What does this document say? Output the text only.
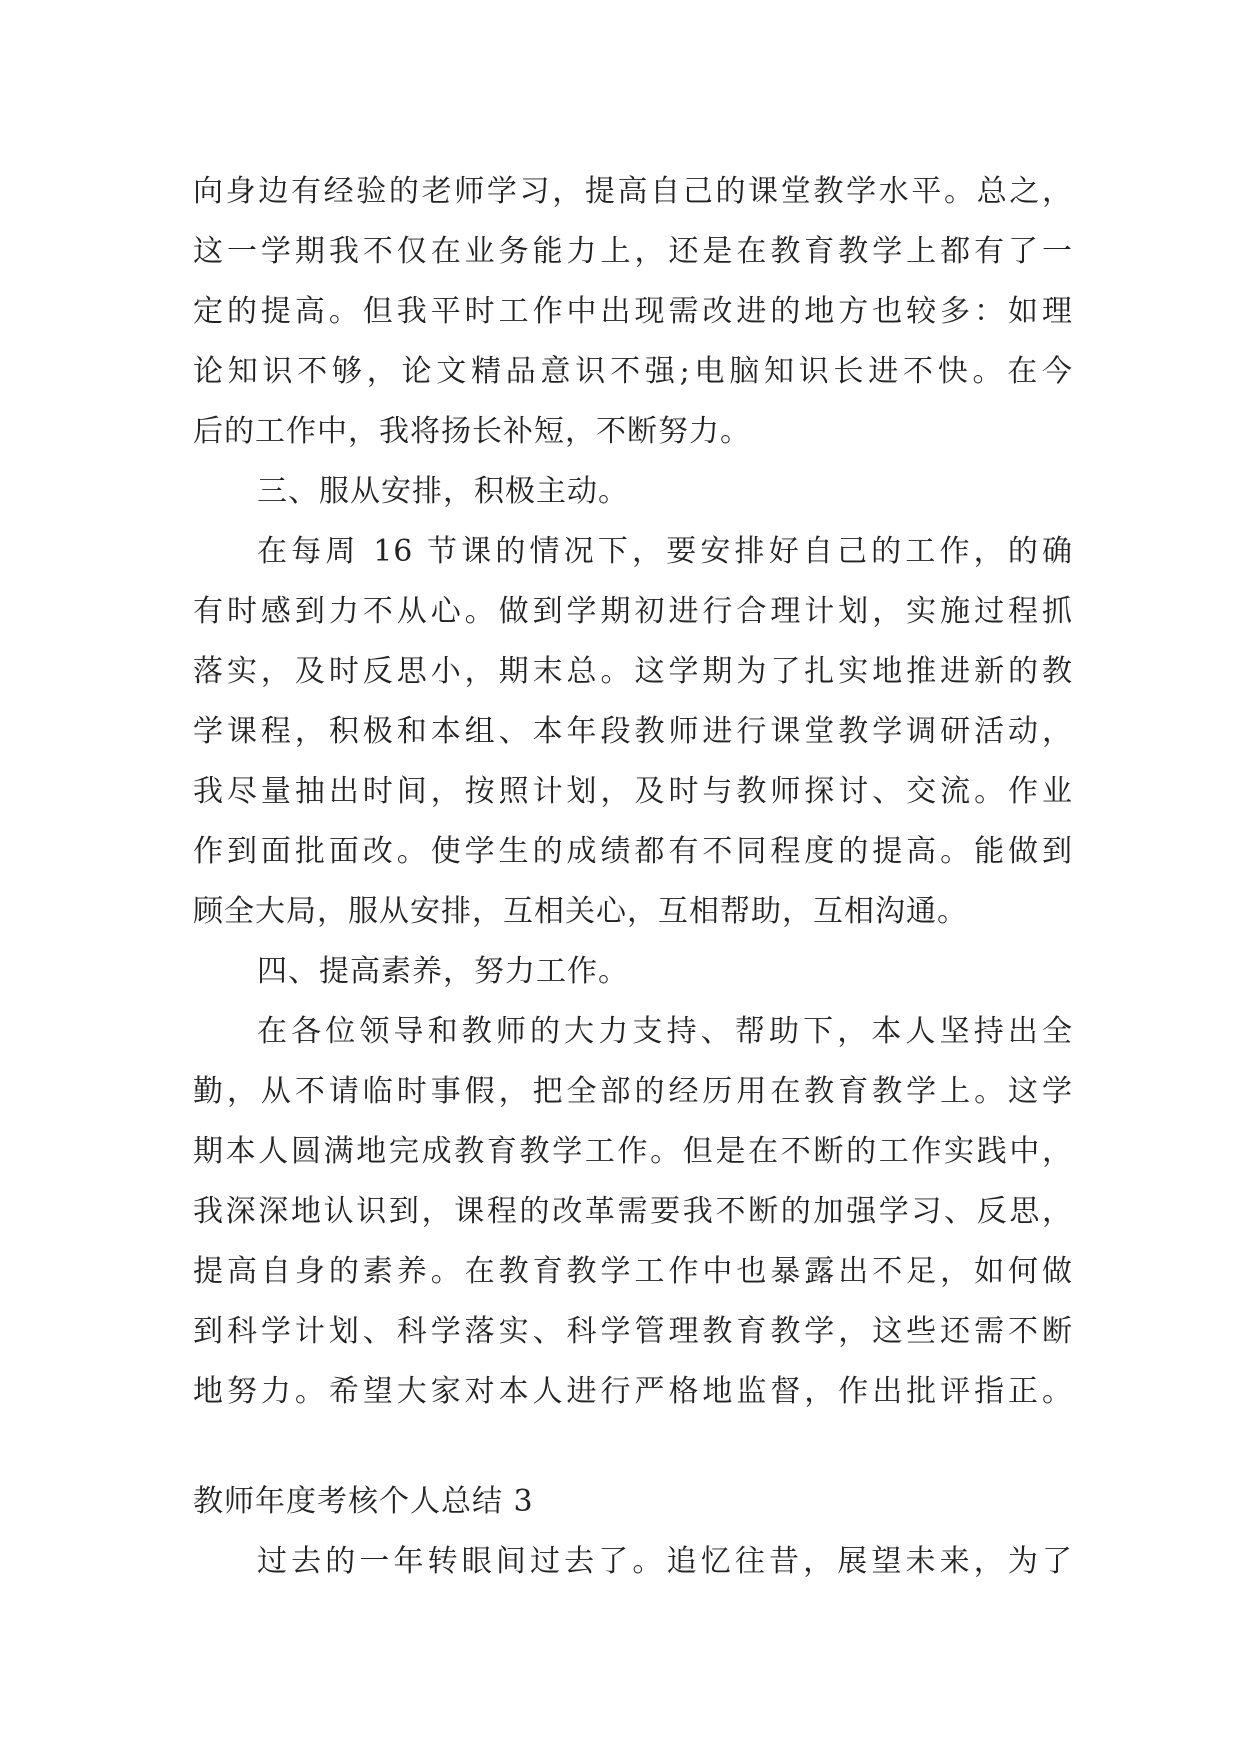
向身边有经验的老师学习，提高自己的课堂教学水平。总之，
这一学期我不仅在业务能力上，还是在教育教学上都有了一
定的提高。但我平时工作中出现需改进的地方也较多：如理
论知识不够，论文精品意识不强;电脑知识长进不快。在今
后的工作中，我将扬长补短，不断努力。
三、服从安排，积极主动。
在每周 16 节课的情况下，要安排好自己的工作，的确
有时感到力不从心。做到学期初进行合理计划，实施过程抓
落实，及时反思小，期末总。这学期为了扎实地推进新的教
学课程，积极和本组、本年段教师进行课堂教学调研活动，
我尽量抽出时间，按照计划，及时与教师探讨、交流。作业
作到面批面改。使学生的成绩都有不同程度的提高。能做到
顾全大局，服从安排，互相关心，互相帮助，互相沟通。
四、提高素养，努力工作。
在各位领导和教师的大力支持、帮助下，本人坚持出全
勤，从不请临时事假，把全部的经历用在教育教学上。这学
期本人圆满地完成教育教学工作。但是在不断的工作实践中，
我深深地认识到，课程的改革需要我不断的加强学习、反思，
提高自身的素养。在教育教学工作中也暴露出不足，如何做
到科学计划、科学落实、科学管理教育教学，这些还需不断
地努力。希望大家对本人进行严格地监督，作出批评指正。
教师年度考核个人总结 3
过去的一年转眼间过去了。追忆往昔，展望未来，为了
